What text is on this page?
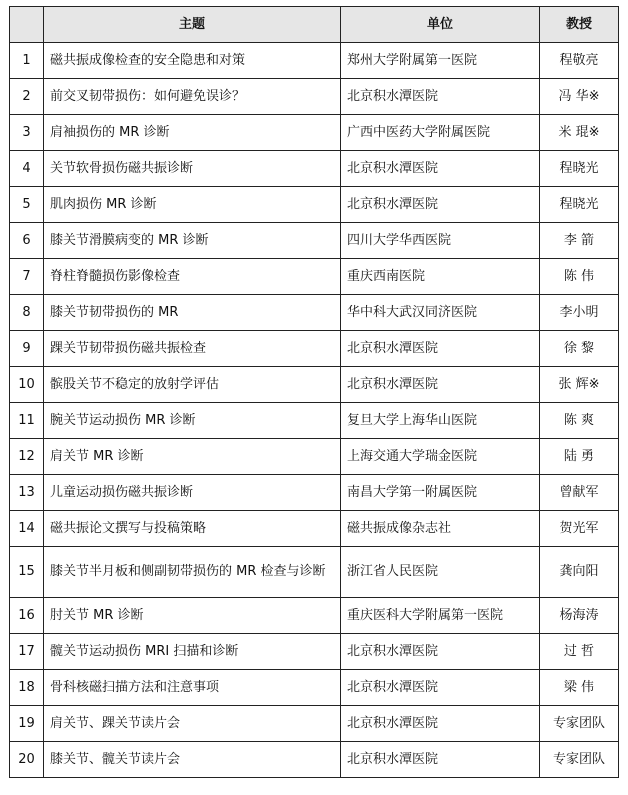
	主题	单位	教授
1	磁共振成像检查的安全隐患和对策	郑州大学附属第一医院	程敬亮
2	前交叉韧带损伤：如何避免误诊？	北京积水潭医院	冯 华※
3	肩袖损伤的 MR 诊断	广西中医药大学附属医院	米 琨※
4	关节软骨损伤磁共振诊断	北京积水潭医院	程晓光
5	肌肉损伤 MR 诊断	北京积水潭医院	程晓光
6	膝关节滑膜病变的 MR 诊断	四川大学华西医院	李 箭
7	脊柱脊髓损伤影像检查	重庆西南医院	陈 伟
8	膝关节韧带损伤的 MR	华中科大武汉同济医院	李小明
9	踝关节韧带损伤磁共振检查	北京积水潭医院	徐 黎
10	髌股关节不稳定的放射学评估	北京积水潭医院	张 辉※
11	腕关节运动损伤 MR 诊断	复旦大学上海华山医院	陈 爽
12	肩关节 MR 诊断	上海交通大学瑞金医院	陆 勇
13	儿童运动损伤磁共振诊断	南昌大学第一附属医院	曾献军
14	磁共振论文撰写与投稿策略	磁共振成像杂志社	贺光军
15	膝关节半月板和侧副韧带损伤的 MR 检查与诊断	浙江省人民医院	龚向阳
16	肘关节 MR 诊断	重庆医科大学附属第一医院	杨海涛
17	髋关节运动损伤 MRI 扫描和诊断	北京积水潭医院	过 哲
18	骨科核磁扫描方法和注意事项	北京积水潭医院	梁 伟
19	肩关节、踝关节读片会	北京积水潭医院	专家团队
20	膝关节、髋关节读片会	北京积水潭医院	专家团队
